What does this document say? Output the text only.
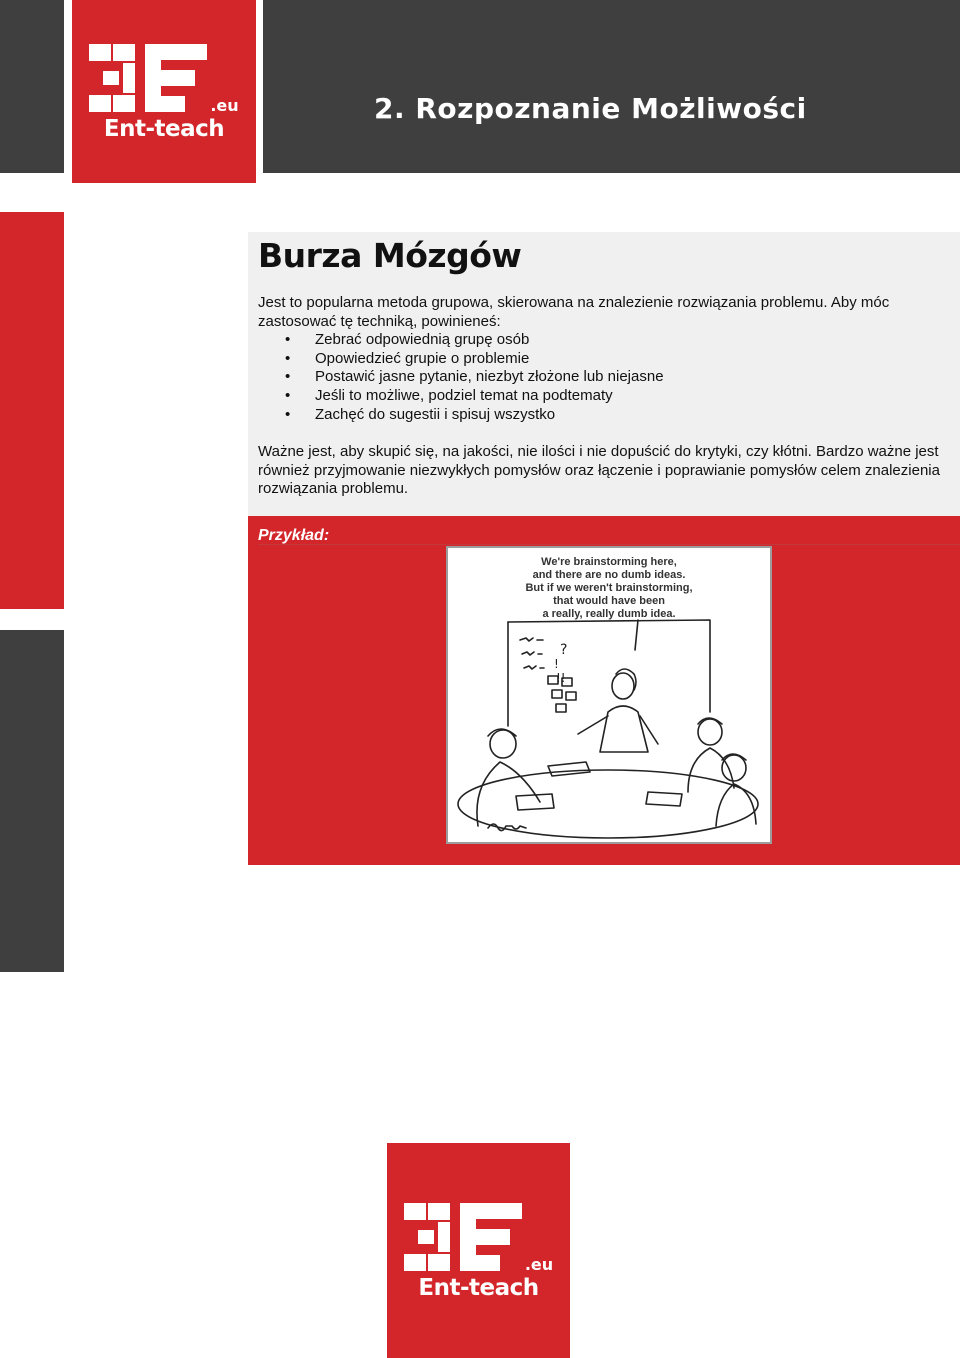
.eu
Ent-teach
2. Rozpoznanie Możliwości
Burza Mózgów

Jest to popularna metoda grupowa, skierowana na znalezienie rozwiązania problemu. Aby móc zastosować tę techniką, powinieneś:

• Zebrać odpowiednią grupę osób
• Opowiedzieć grupie o problemie
• Postawić jasne pytanie, niezbyt złożone lub niejasne
• Jeśli to możliwe, podziel temat na podtematy
• Zachęć do sugestii i spisuj wszystko

Ważne jest, aby skupić się, na jakości, nie ilości i nie dopuścić do krytyki, czy kłótni. Bardzo ważne jest również przyjmowanie niezwykłych pomysłów oraz łączenie i poprawianie pomysłów celem znalezienia rozwiązania problemu.

Przykład:

We're brainstorming here,
and there are no dumb ideas.
But if we weren't brainstorming,
that would have been
a really, really dumb idea.
?
!
!!
.eu
Ent-teach
